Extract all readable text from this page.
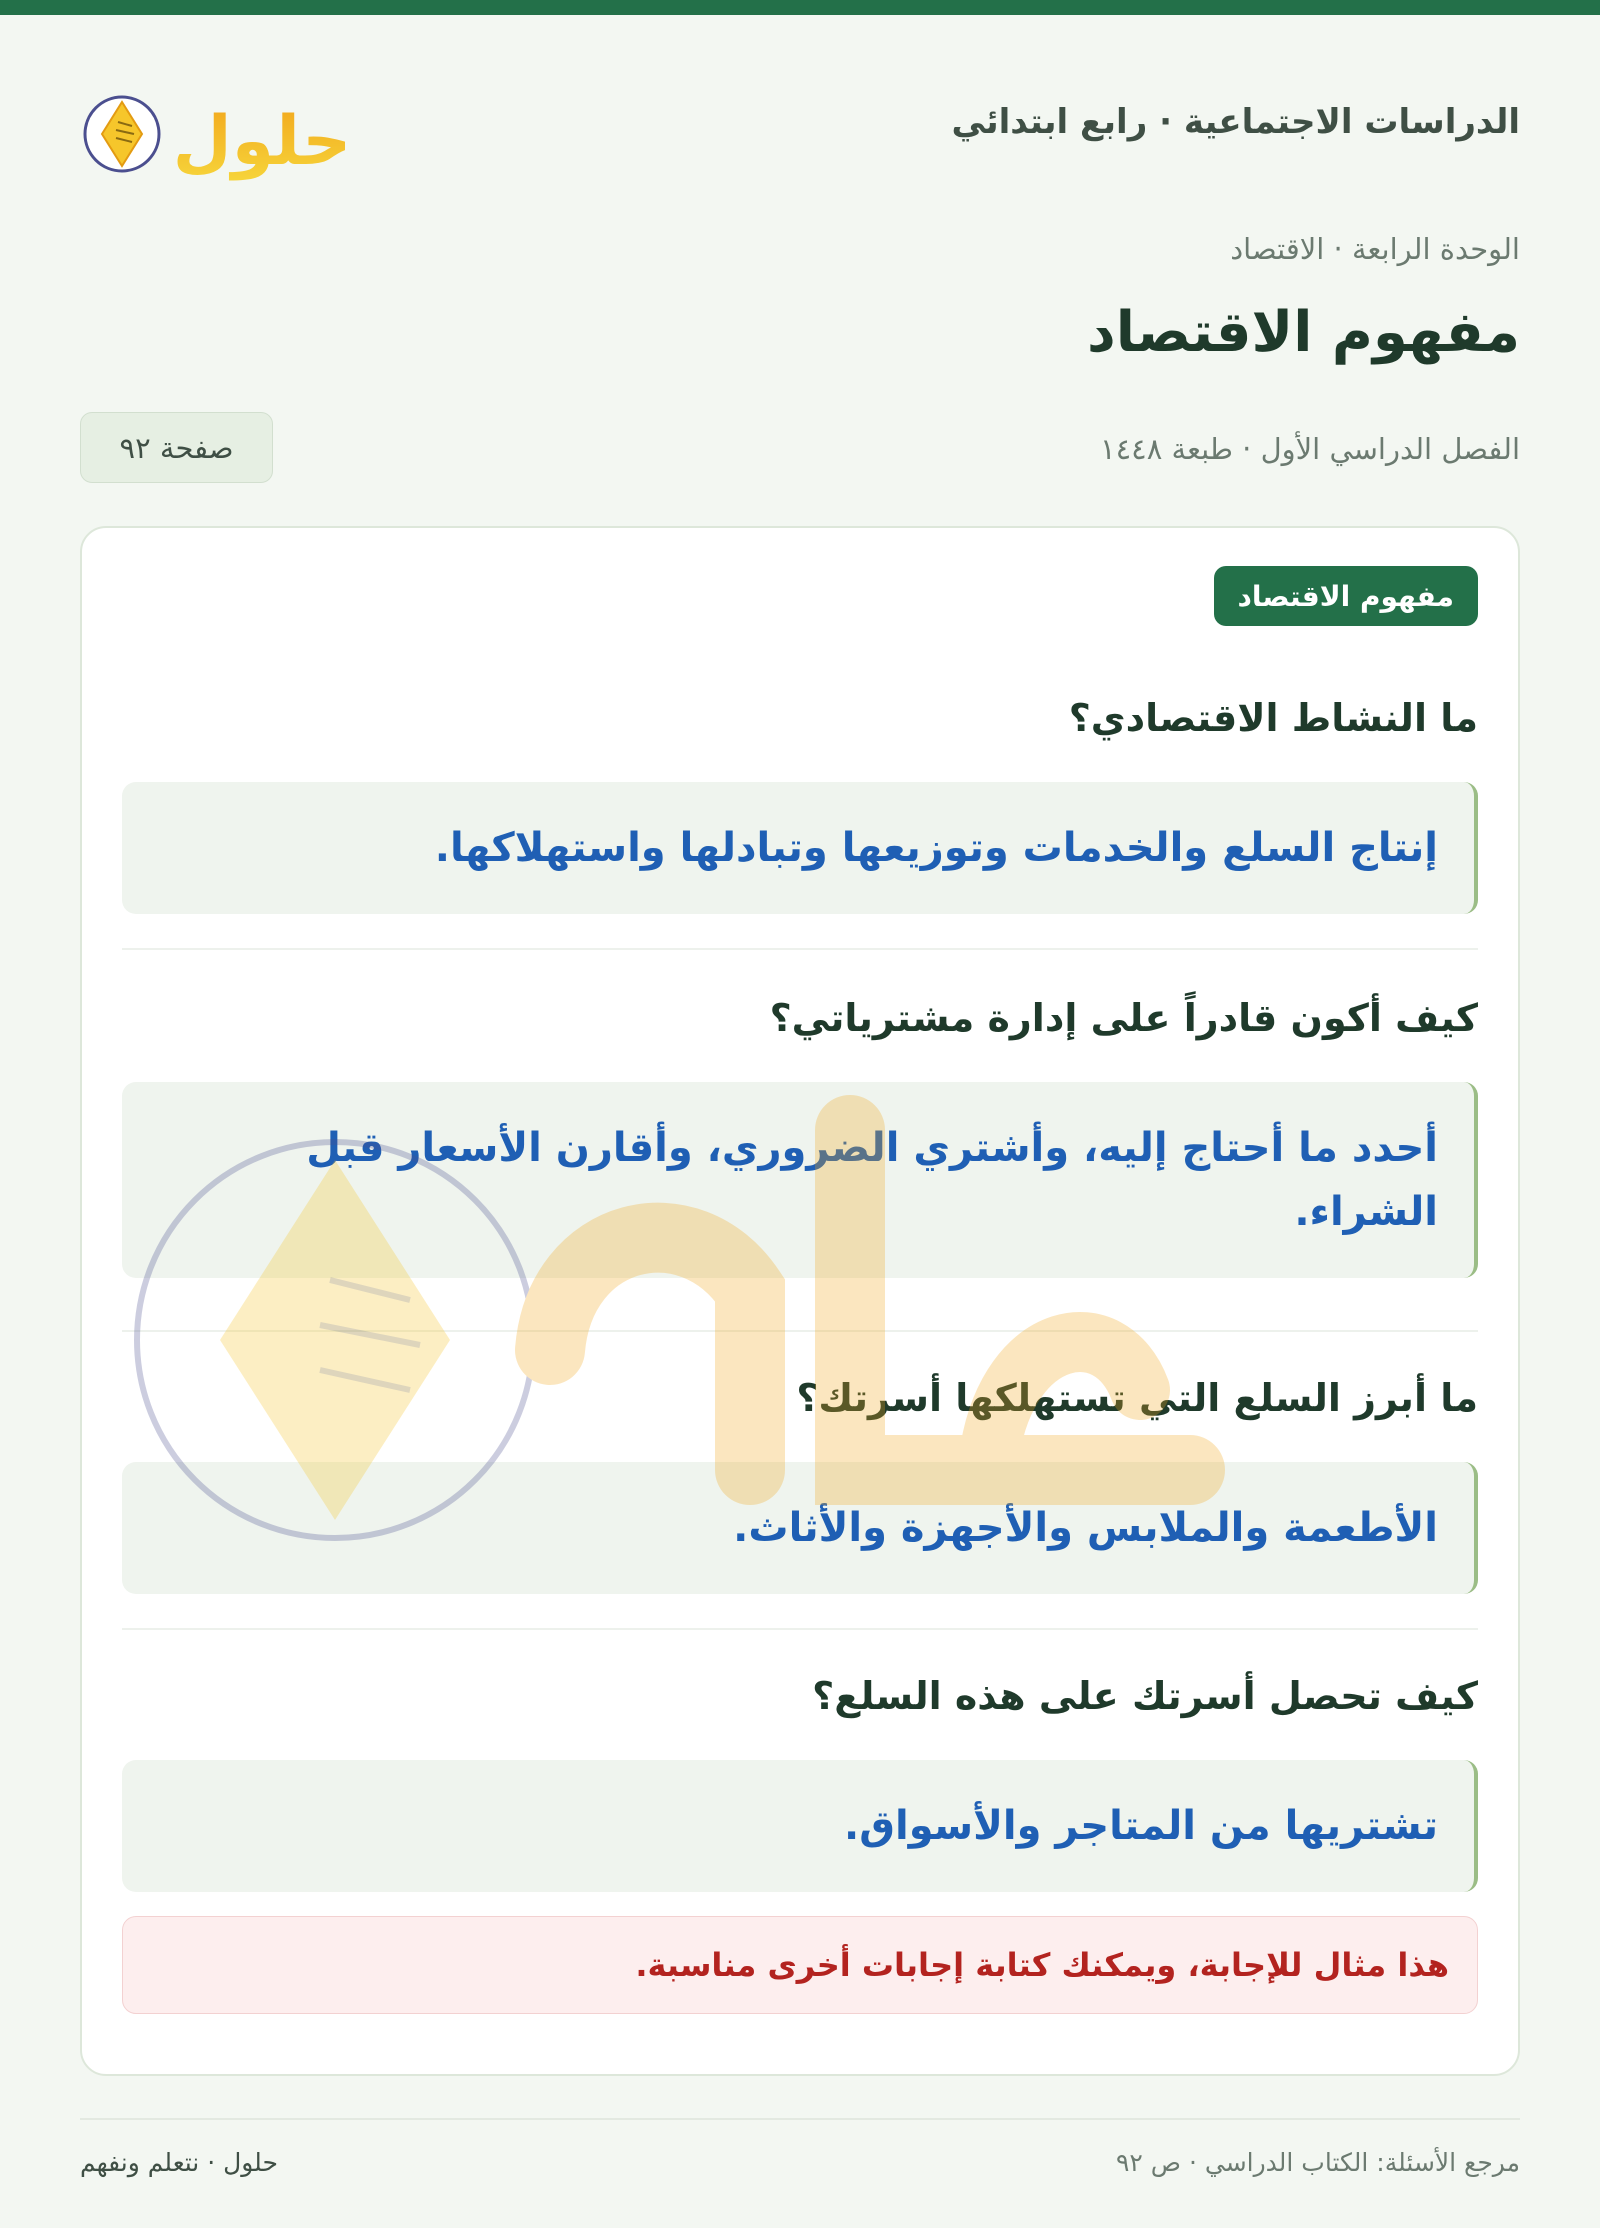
الدراسات الاجتماعية · رابع ابتدائي
حلول
الوحدة الرابعة · الاقتصاد
مفهوم الاقتصاد
الفصل الدراسي الأول · طبعة ١٤٤٨
صفحة ٩٢
مفهوم الاقتصاد
ما النشاط الاقتصادي؟
إنتاج السلع والخدمات وتوزيعها وتبادلها واستهلاكها.
كيف أكون قادراً على إدارة مشترياتي؟
أحدد ما أحتاج إليه، وأشتري الضروري، وأقارن الأسعار قبل الشراء.
ما أبرز السلع التي تستهلكها أسرتك؟
الأطعمة والملابس والأجهزة والأثاث.
كيف تحصل أسرتك على هذه السلع؟
تشتريها من المتاجر والأسواق.
هذا مثال للإجابة، ويمكنك كتابة إجابات أخرى مناسبة.
مرجع الأسئلة: الكتاب الدراسي · ص ٩٢
حلول · نتعلم ونفهم
